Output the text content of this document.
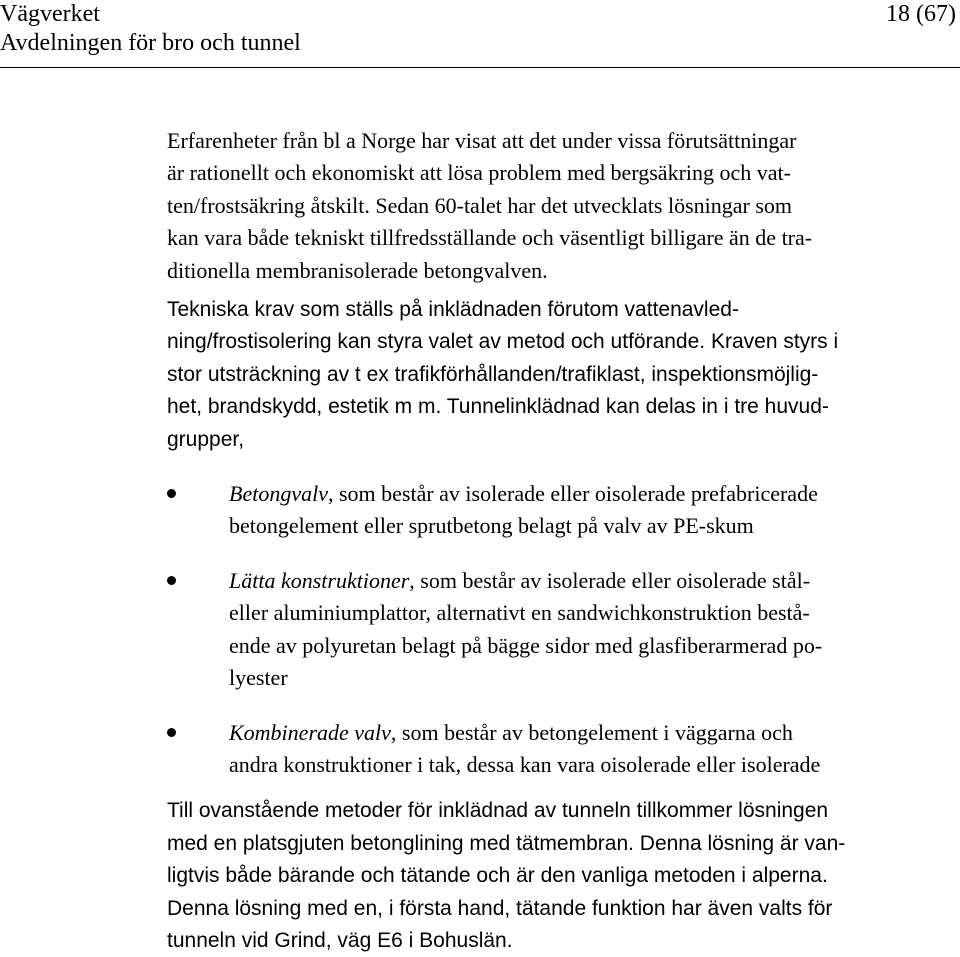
Vägverket
Avdelningen för bro och tunnel
18 (67)
Erfarenheter från bl a Norge har visat att det under vissa förutsättningar
är rationellt och ekonomiskt att lösa problem med bergsäkring och vat-
ten/frostsäkring åtskilt. Sedan 60-talet har det utvecklats lösningar som
kan vara både tekniskt tillfredsställande och väsentligt billigare än de tra-
ditionella membranisolerade betongvalven.
Tekniska krav som ställs på inklädnaden förutom vattenavled-
ning/frostisolering kan styra valet av metod och utförande. Kraven styrs i
stor utsträckning av t ex trafikförhållanden/trafiklast, inspektionsmöjlig-
het, brandskydd, estetik m m. Tunnelinklädnad kan delas in i tre huvud-
grupper,
Betongvalv, som består av isolerade eller oisolerade prefabricerade
betongelement eller sprutbetong belagt på valv av PE-skum
Lätta konstruktioner, som består av isolerade eller oisolerade stål-
eller aluminiumplattor, alternativt en sandwichkonstruktion bestå-
ende av polyuretan belagt på bägge sidor med glasfiberarmerad po-
lyester
Kombinerade valv, som består av betongelement i väggarna och
andra konstruktioner i tak, dessa kan vara oisolerade eller isolerade
Till ovanstående metoder för inklädnad av tunneln tillkommer lösningen
med en platsgjuten betonglining med tätmembran. Denna lösning är van-
ligtvis både bärande och tätande och är den vanliga metoden i alperna.
Denna lösning med en, i första hand, tätande funktion har även valts för
tunneln vid Grind, väg E6 i Bohuslän.
